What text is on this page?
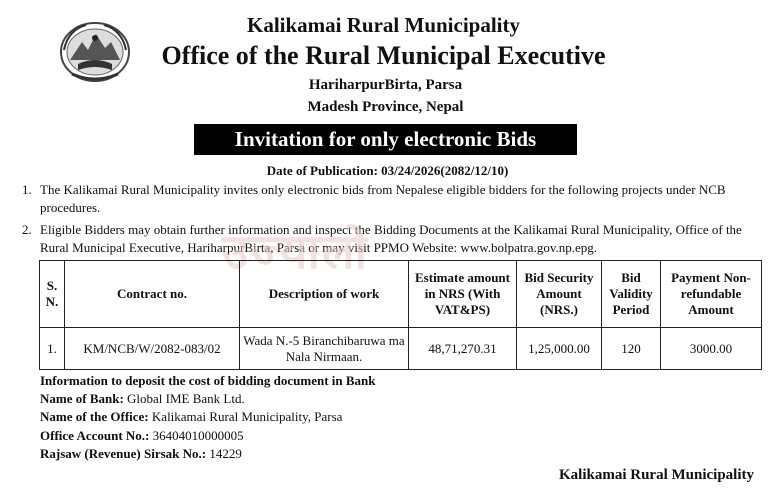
Kalikamai Rural Municipality
Office of the Rural Municipal Executive
HariharpurBirta, Parsa
Madesh Province, Nepal
Invitation for only electronic Bids
Date of Publication: 03/24/2026(2082/12/10)
1. The Kalikamai Rural Municipality invites only electronic bids from Nepalese eligible bidders for the following projects under NCB procedures.
2. Eligible Bidders may obtain further information and inspect the Bidding Documents at the Kalikamai Rural Municipality, Office of the Rural Municipal Executive, HariharpurBirta, Parsa or may visit PPMO Website: www.bolpatra.gov.np.epg.
उज्यालो
S. N.	Contract no.	Description of work	Estimate amount in NRS (With VAT&PS)	Bid Security Amount (NRS.)	Bid Validity Period	Payment Non-refundable Amount
1.	KM/NCB/W/2082-083/02	Wada N.-5 Biranchibaruwa ma Nala Nirmaan.	48,71,270.31	1,25,000.00	120	3000.00
Information to deposit the cost of bidding document in Bank
Name of Bank: Global IME Bank Ltd.
Name of the Office: Kalikamai Rural Municipality, Parsa
Office Account No.: 36404010000005
Rajsaw (Revenue) Sirsak No.: 14229
Kalikamai Rural Municipality
